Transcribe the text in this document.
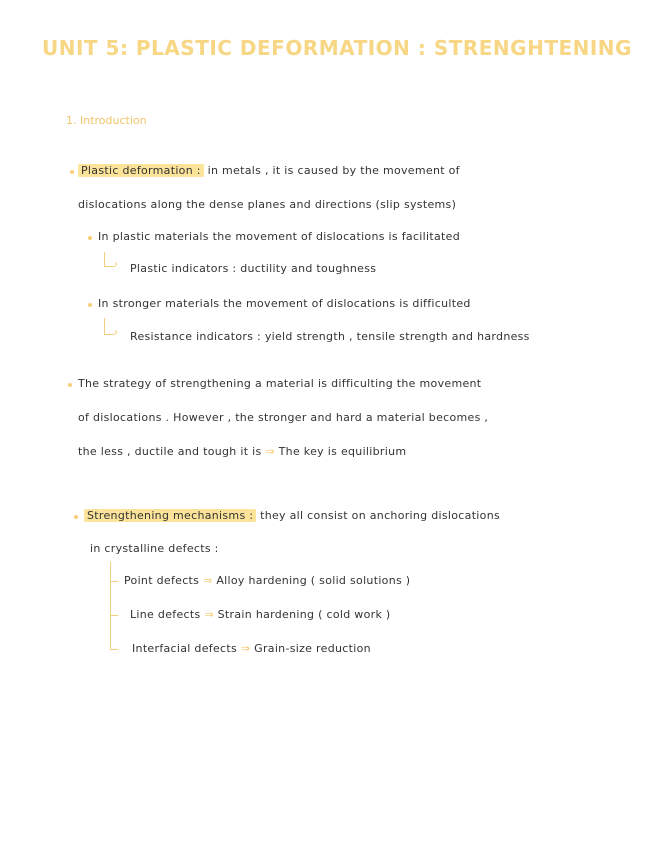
UNIT 5: PLASTIC DEFORMATION : STRENGHTENING
1. Introduction
Plastic deformation : in metals , it is caused by the movement of
dislocations along the dense planes and directions (slip systems)
In plastic materials the movement of dislocations is facilitated
› Plastic indicators : ductility and toughness
In stronger materials the movement of dislocations is difficulted
› Resistance indicators : yield strength , tensile strength and hardness
The strategy of strengthening a material is difficulting the movement
of dislocations . However , the stronger and hard a material becomes ,
the less , ductile and tough it is ⇒ The key is equilibrium
Strengthening mechanisms : they all consist on anchoring dislocations
in crystalline defects :
Point defects ⇒ Alloy hardening ( solid solutions )
Line defects ⇒ Strain hardening ( cold work )
Interfacial defects ⇒ Grain-size reduction
